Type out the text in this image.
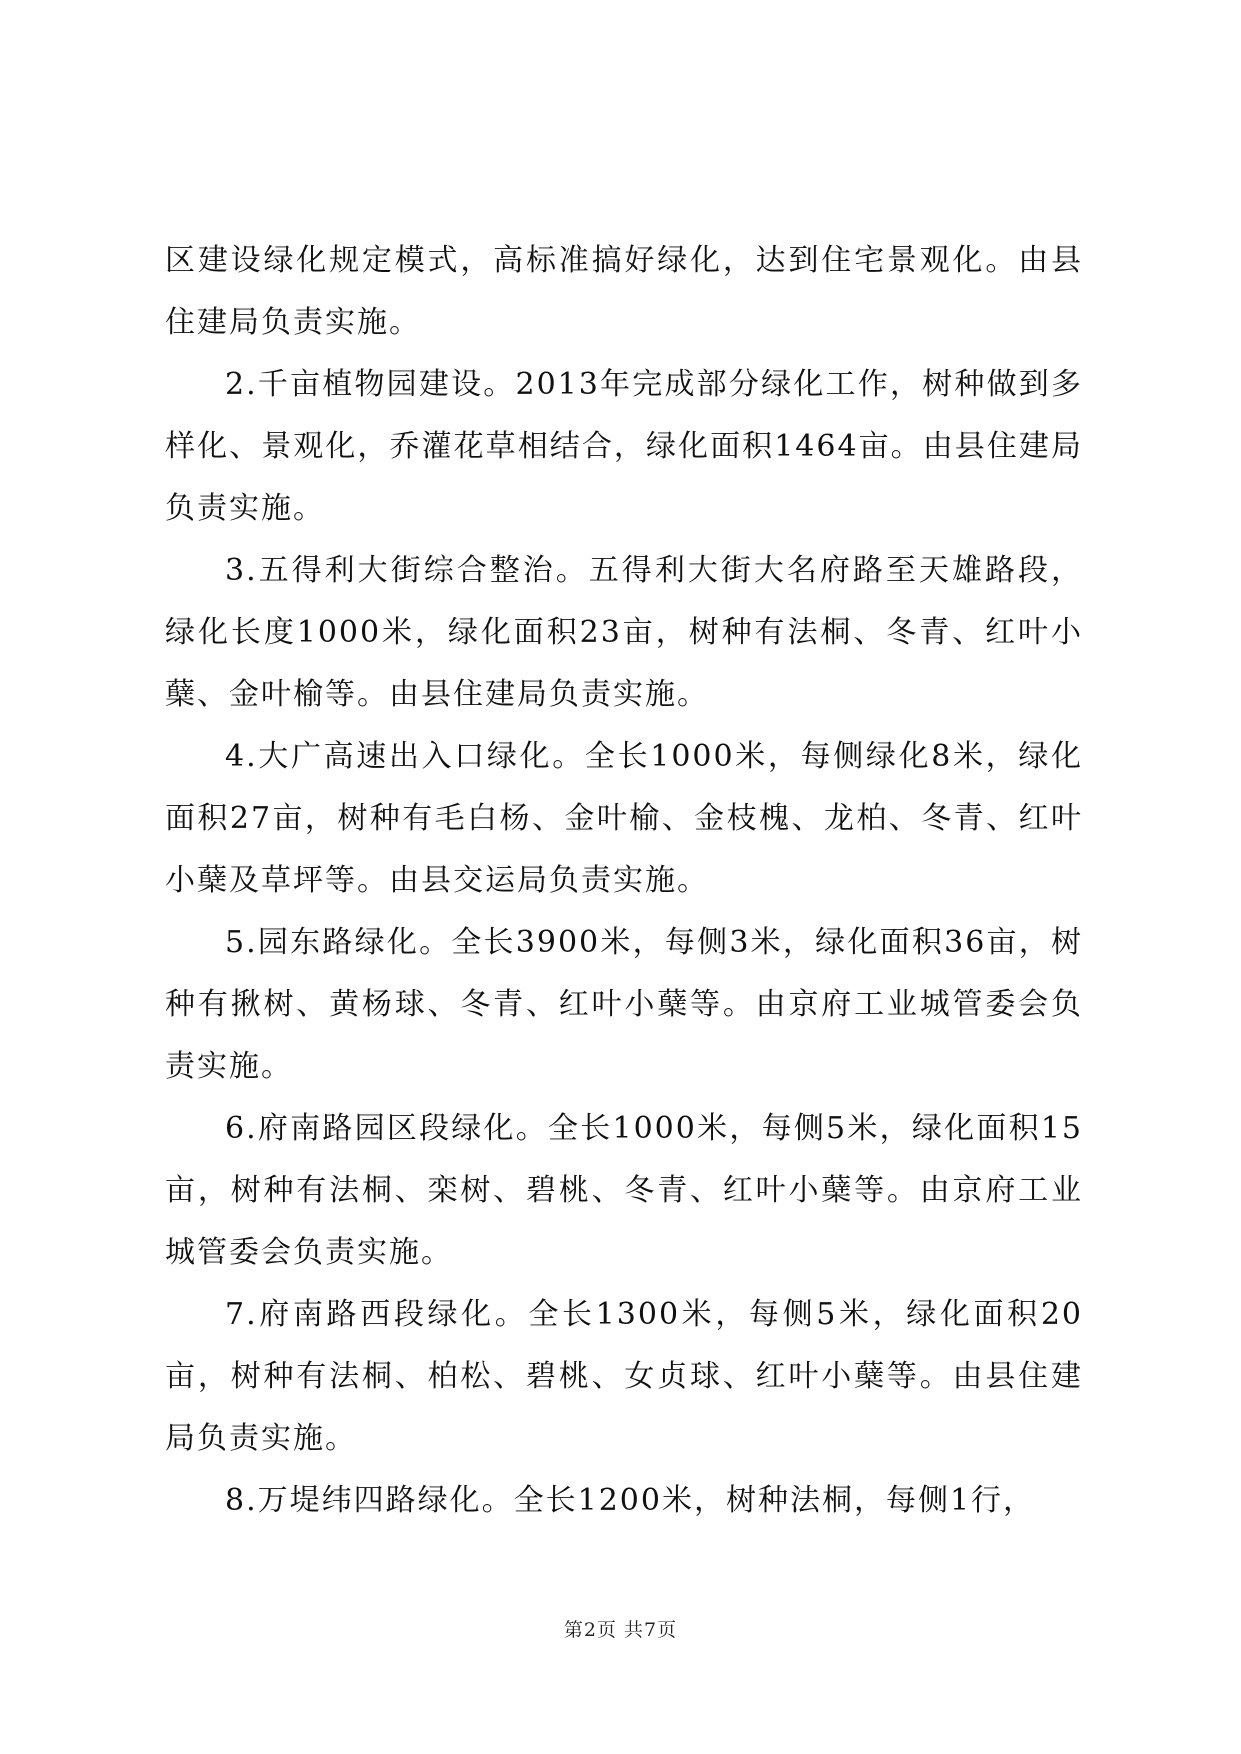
区建设绿化规定模式，高标准搞好绿化，达到住宅景观化。由县住建局负责实施。

2.千亩植物园建设。2013年完成部分绿化工作，树种做到多样化、景观化，乔灌花草相结合，绿化面积1464亩。由县住建局负责实施。

3.五得利大街综合整治。五得利大街大名府路至天雄路段，绿化长度1000米，绿化面积23亩，树种有法桐、冬青、红叶小蘖、金叶榆等。由县住建局负责实施。

4.大广高速出入口绿化。全长1000米，每侧绿化8米，绿化面积27亩，树种有毛白杨、金叶榆、金枝槐、龙柏、冬青、红叶小蘖及草坪等。由县交运局负责实施。

5.园东路绿化。全长3900米，每侧3米，绿化面积36亩，树种有揪树、黄杨球、冬青、红叶小蘖等。由京府工业城管委会负责实施。

6.府南路园区段绿化。全长1000米，每侧5米，绿化面积15亩，树种有法桐、栾树、碧桃、冬青、红叶小蘖等。由京府工业城管委会负责实施。

7.府南路西段绿化。全长1300米，每侧5米，绿化面积20亩，树种有法桐、柏松、碧桃、女贞球、红叶小蘖等。由县住建局负责实施。

8.万堤纬四路绿化。全长1200米，树种法桐，每侧1行，

第2页 共7页
